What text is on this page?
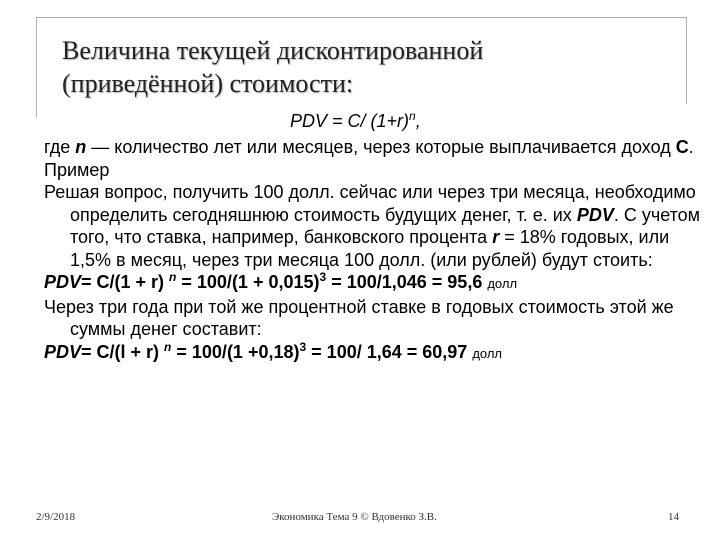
Величина текущей дисконтированной
(приведённой) стоимости:
PDV = C/ $(1+r)^n$,

где n — количество лет или месяцев, через которые выплачивается доход С.

Пример

Решая вопрос, получить 100 долл. сейчас или через три месяца, необходимо определить сегодняшнюю стоимость будущих денег, т. е. их PDV. С учетом того, что ставка, например, банковского процента r = 18% годовых, или 1,5% в месяц, через три месяца 100 долл. (или рублей) будут стоить:

PDV= C/(1 + r) $^n = 100/(1 + 0,015)^3 = 100/1,046 = 95,6$ долл

Через три года при той же процентной ставке в годовых стоимость этой же суммы денег составит:

PDV= C/(l + r) $^n = 100/(1 +0,18)^3 = 100/$ 1,64 = 60,97 долл

2/9/2018	Экономика Тема 9 © Вдовенко З.В.	14
